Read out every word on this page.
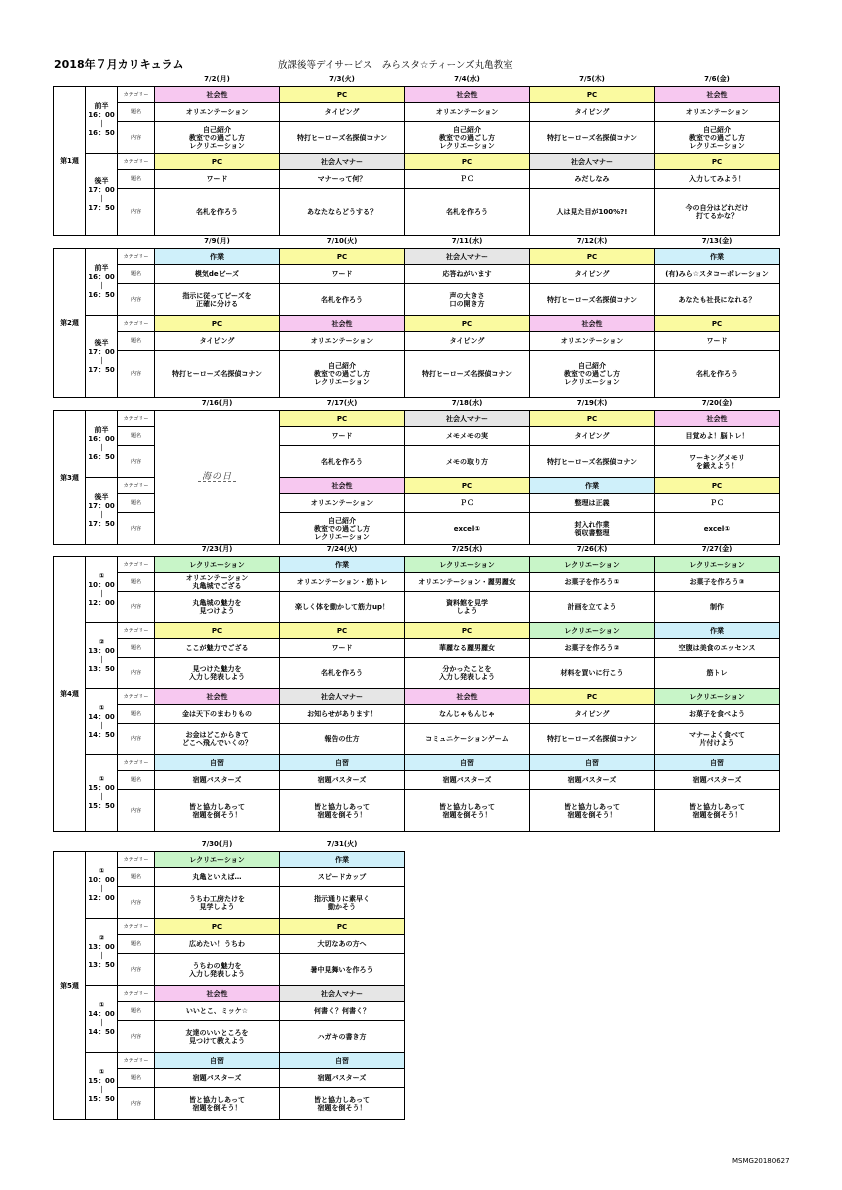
2018年７月カリキュラム	放課後等デイサービス　みらスタ☆ティーンズ丸亀教室
			7/2(月)	7/3(火)	7/4(水)	7/5(木)	7/6(金)
第1週	前半
16：00
｜
16：50	カテゴリー	社会性	PC	社会性	PC	社会性
		題名	オリエンテーション	タイピング	オリエンテーション	タイピング	オリエンテーション
		内容	自己紹介
教室での過ごし方
レクリエーション	特打ヒーローズ名探偵コナン	自己紹介
教室での過ごし方
レクリエーション	特打ヒーローズ名探偵コナン	自己紹介
教室での過ごし方
レクリエーション
	後半
17：00
｜
17：50	カテゴリー	PC	社会人マナー	PC	社会人マナー	PC
		題名	ワード	マナーって何？	ＰＣ	みだしなみ	入力してみよう！
		内容	名札を作ろう	あなたならどうする？	名札を作ろう	人は見た目が100%?!	今の自分はどれだけ
打てるかな？
			7/9(月)	7/10(火)	7/11(水)	7/12(木)	7/13(金)
第2週	前半
16：00
｜
16：50	カテゴリー	作業	PC	社会人マナー	PC	作業
		題名	模気deビーズ	ワード	応答ねがいます	タイピング	(有)みら☆スタコーポレーション
		内容	指示に従ってビーズを
正確に分ける	名札を作ろう	声の大きさ
口の開き方	特打ヒーローズ名探偵コナン	あなたも社長になれる？
	後半
17：00
｜
17：50	カテゴリー	PC	社会性	PC	社会性	PC
		題名	タイピング	オリエンテーション	タイピング	オリエンテーション	ワード
		内容	特打ヒーローズ名探偵コナン	自己紹介
教室での過ごし方
レクリエーション	特打ヒーローズ名探偵コナン	自己紹介
教室での過ごし方
レクリエーション	名札を作ろう
			7/16(月)	7/17(火)	7/18(水)	7/19(木)	7/20(金)
第3週	前半
16：00
｜
16：50	カテゴリー	海の日	PC	社会人マナー	PC	社会性
		題名		ワード	メモメモの実	タイピング	目覚めよ！脳トレ！
		内容		名札を作ろう	メモの取り方	特打ヒーローズ名探偵コナン	ワーキングメモリ
を鍛えよう！
	後半
17：00
｜
17：50	カテゴリー		社会性	PC	作業	PC
		題名		オリエンテーション	ＰＣ	整理は正義	ＰＣ
		内容		自己紹介
教室での過ごし方
レクリエーション	excel①	封入れ作業
領収書整理	excel①
			7/23(月)	7/24(火)	7/25(水)	7/26(木)	7/27(金)
第4週	①
10：00
｜
12：00	カテゴリー	レクリエーション	作業	レクリエーション	レクリエーション	レクリエーション
		題名	オリエンテーション
丸亀城でござる	オリエンテーション・筋トレ	オリエンテーション・麗男麗女	お菓子を作ろう①	お菓子を作ろう③
		内容	丸亀城の魅力を
見つけよう	楽しく体を動かして筋力up！	資料館を見学
しよう	計画を立てよう	制作
	②
13：00
｜
13：50	カテゴリー	PC	PC	PC	レクリエーション	作業
		題名	ここが魅力でござる	ワード	華麗なる麗男麗女	お菓子を作ろう②	空腹は美食のエッセンス
		内容	見つけた魅力を
入力し発表しよう	名札を作ろう	分かったことを
入力し発表しよう	材料を買いに行こう	筋トレ
	①
14：00
｜
14：50	カテゴリー	社会性	社会人マナー	社会性	PC	レクリエーション
		題名	金は天下のまわりもの	お知らせがあります！	なんじゃもんじゃ	タイピング	お菓子を食べよう
		内容	お金はどこからきて
どこへ飛んでいくの？	報告の仕方	コミュニケーションゲーム	特打ヒーローズ名探偵コナン	マナーよく食べて
片付けよう
	①
15：00
｜
15：50	カテゴリー	自習	自習	自習	自習	自習
		題名	宿題バスターズ	宿題バスターズ	宿題バスターズ	宿題バスターズ	宿題バスターズ
		内容	皆と協力しあって
宿題を倒そう！	皆と協力しあって
宿題を倒そう！	皆と協力しあって
宿題を倒そう！	皆と協力しあって
宿題を倒そう！	皆と協力しあって
宿題を倒そう！
			7/30(月)	7/31(火)
第5週	①
10：00
｜
12：00	カテゴリー	レクリエーション	作業
		題名	丸亀といえば…	スピードカップ
		内容	うちわ工房たけを
見学しよう	指示通りに素早く
動かそう
	②
13：00
｜
13：50	カテゴリー	PC	PC
		題名	広めたい！うちわ	大切なあの方へ
		内容	うちわの魅力を
入力し発表しよう	暑中見舞いを作ろう
	①
14：00
｜
14：50	カテゴリー	社会性	社会人マナー
		題名	いいとこ、ミッケ☆	何書く？何書く？
		内容	友達のいいところを
見つけて教えよう	ハガキの書き方
	①
15：00
｜
15：50	カテゴリー	自習	自習
		題名	宿題バスターズ	宿題バスターズ
		内容	皆と協力しあって
宿題を倒そう！	皆と協力しあって
宿題を倒そう！
MSMG20180627
